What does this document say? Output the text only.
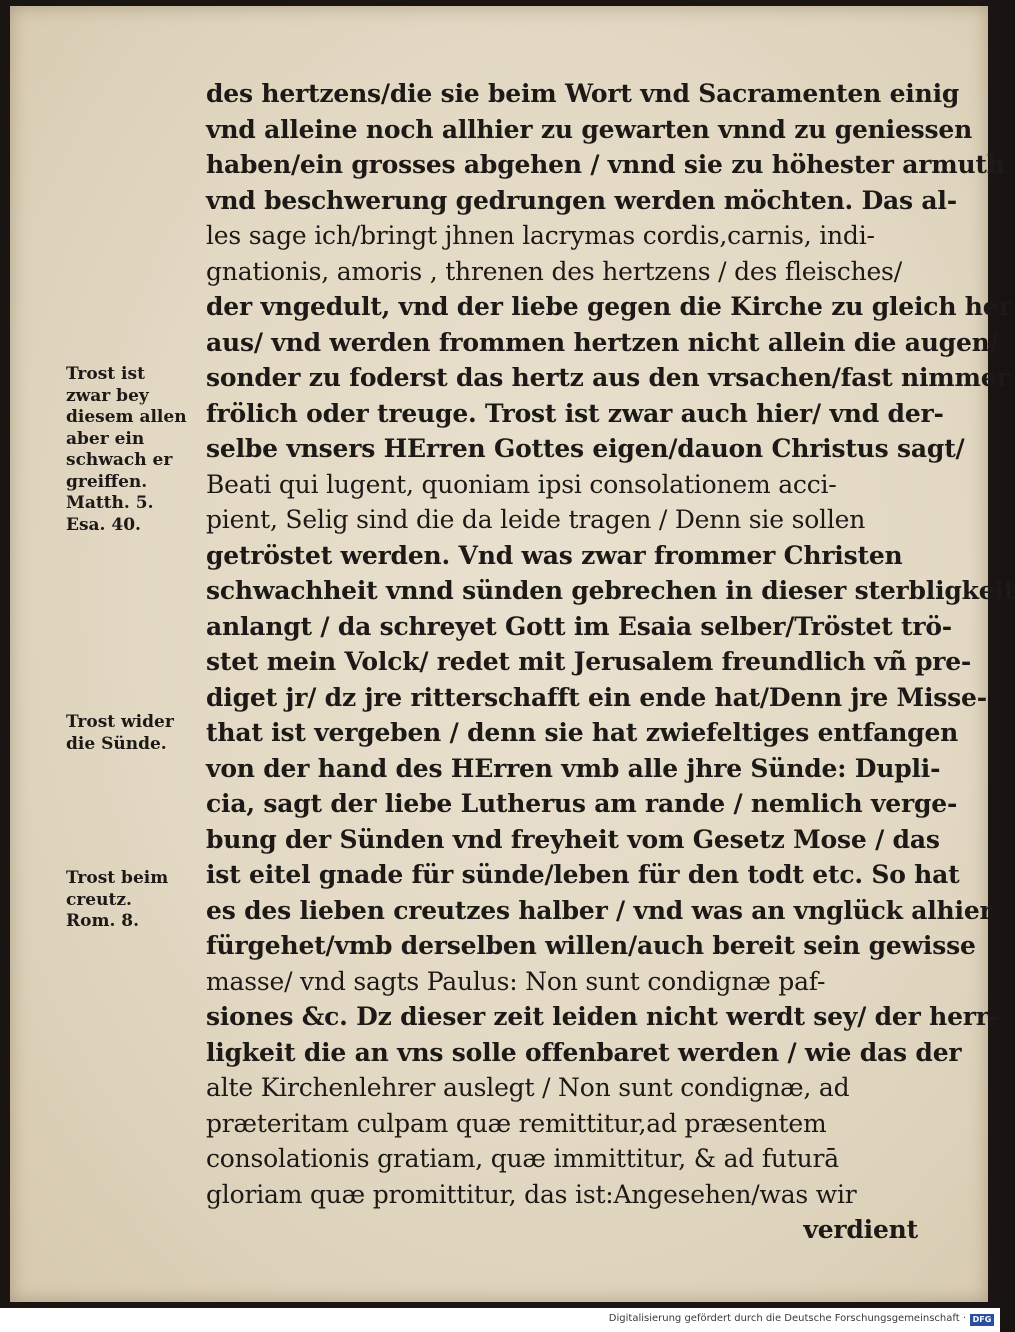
des hertzens/die sie beim Wort vnd Sacramenten einig
vnd alleine noch allhier zu gewarten vnnd zu geniessen
haben/ein grosses abgehen / vnnd sie zu höhester armuth
vnd beschwerung gedrungen werden möchten. Das al-
les sage ich/bringt jhnen lacrymas cordis,carnis, indi-
gnationis, amoris , threnen des hertzens / des fleisches/
der vngedult, vnd der liebe gegen die Kirche zu gleich her
aus/ vnd werden frommen hertzen nicht allein die augen/
sonder zu foderst das hertz aus den vrsachen/fast nimmer
frölich oder treuge. Trost ist zwar auch hier/ vnd der-
selbe vnsers HErren Gottes eigen/dauon Christus sagt/
Beati qui lugent, quoniam ipsi consolationem acci-
pient, Selig sind die da leide tragen / Denn sie sollen
getröstet werden. Vnd was zwar frommer Christen
schwachheit vnnd sünden gebrechen in dieser sterbligkeit
anlangt / da schreyet Gott im Esaia selber/Tröstet trö-
stet mein Volck/ redet mit Jerusalem freundlich vñ pre-
diget jr/ dz jre ritterschafft ein ende hat/Denn jre Misse-
that ist vergeben / denn sie hat zwiefeltiges entfangen
von der hand des HErren vmb alle jhre Sünde: Dupli-
cia, sagt der liebe Lutherus am rande / nemlich verge-
bung der Sünden vnd freyheit vom Gesetz Mose / das
ist eitel gnade für sünde/leben für den todt etc. So hat
es des lieben creutzes halber / vnd was an vnglück alhier
fürgehet/vmb derselben willen/auch bereit sein gewisse
masse/ vnd sagts Paulus: Non sunt condignæ paf-
siones &c. Dz dieser zeit leiden nicht werdt sey/ der herr-
ligkeit die an vns solle offenbaret werden / wie das der
alte Kirchenlehrer auslegt / Non sunt condignæ, ad
præteritam culpam quæ remittitur,ad præsentem
consolationis gratiam, quæ immittitur, & ad futurā
gloriam quæ promittitur, das ist:Angesehen/was wir
verdient
Trost ist
zwar bey
diesem allen
aber ein
schwach er
greiffen.
Matth. 5.
Esa. 40.
Trost wider
die Sünde.
Trost beim
creutz.
Rom. 8.
Digitalisierung gefördert durch die Deutsche Forschungsgemeinschaft · DFG
